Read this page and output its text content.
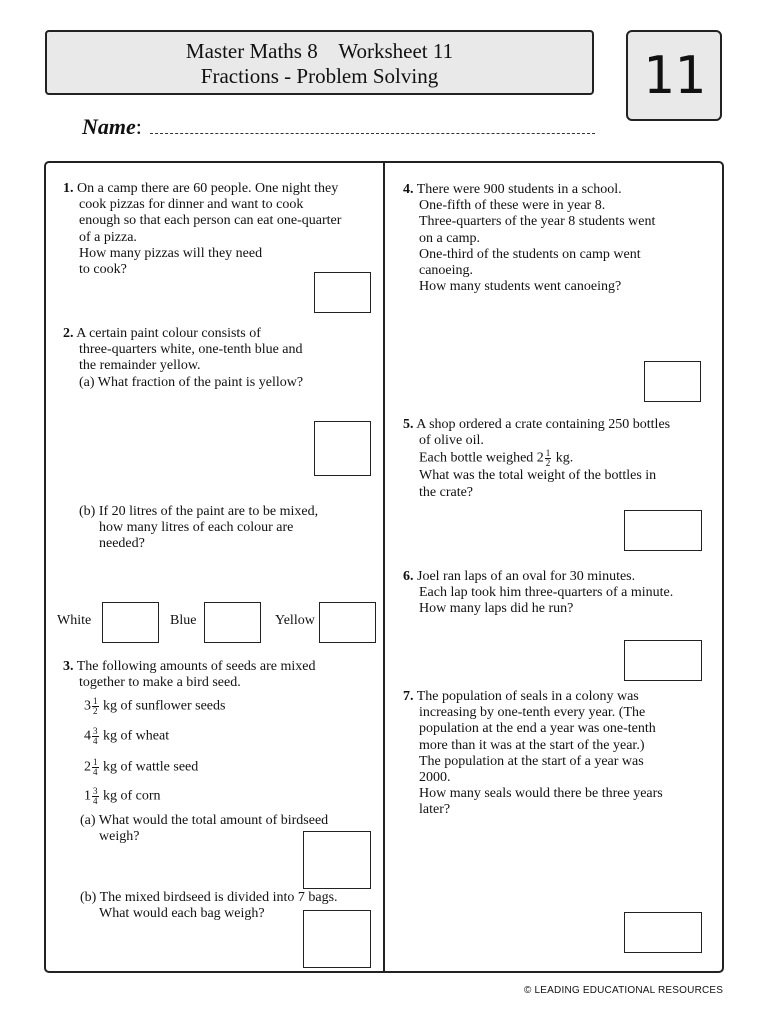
Master Maths 8    Worksheet 11
Fractions - Problem Solving	11
Name:

1. On a camp there are 60 people. One night they

cook pizzas for dinner and want to cook

enough so that each person can eat one-quarter

of a pizza.

How many pizzas will they need

to cook?

2. A certain paint colour consists of

three-quarters white, one-tenth blue and

the remainder yellow.

(a) What fraction of the paint is yellow?

(b) If 20 litres of the paint are to be mixed,

how many litres of each colour are

needed?

White	Blue	Yellow

3. The following amounts of seeds are mixed

together to make a bird seed.

$3 \frac{1}{2}$ kg of sunflower seeds
$4 \frac{3}{4}$ kg of wheat
$2 \frac{1}{4}$ kg of wattle seed
$1 \frac{3}{4}$ kg of corn

(a) What would the total amount of birdseed

weigh?

(b) The mixed birdseed is divided into 7 bags.

What would each bag weigh?

4. There were 900 students in a school.

One-fifth of these were in year 8.

Three-quarters of the year 8 students went

on a camp.

One-third of the students on camp went

canoeing.

How many students went canoeing?

5. A shop ordered a crate containing 250 bottles

of olive oil.

Each bottle weighed $2 \frac{1}{2}$ kg.

What was the total weight of the bottles in

the crate?

6. Joel ran laps of an oval for 30 minutes.

Each lap took him three-quarters of a minute.

How many laps did he run?

7. The population of seals in a colony was

increasing by one-tenth every year. (The

population at the end a year was one-tenth

more than it was at the start of the year.)

The population at the start of a year was

2000.

How many seals would there be three years

later?

© LEADING EDUCATIONAL RESOURCES
